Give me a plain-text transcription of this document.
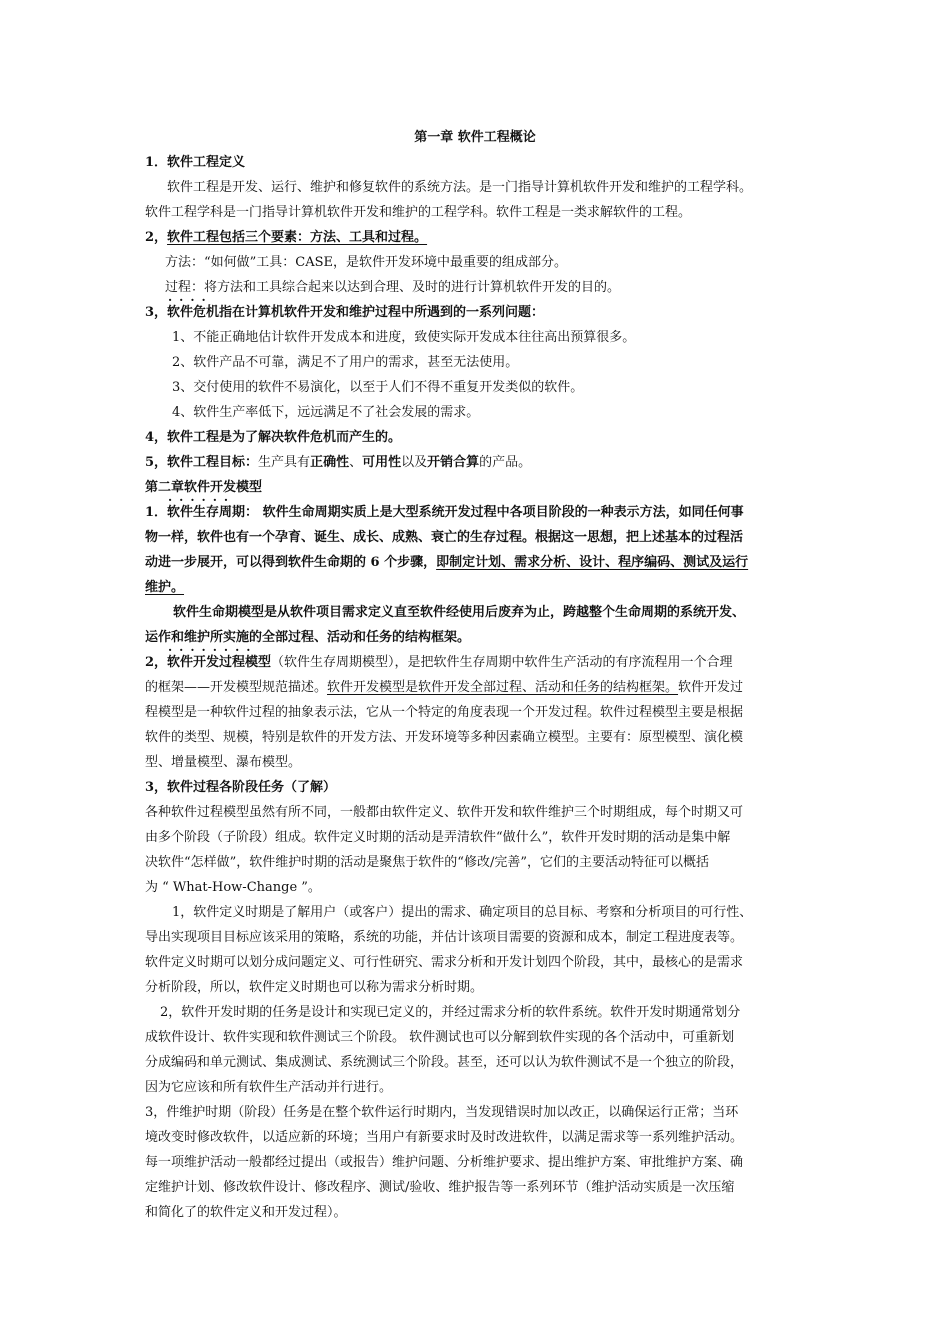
第一章 软件工程概论
1．软件工程定义
软件工程是开发、运行、维护和修复软件的系统方法。是一门指导计算机软件开发和维护的工程学科。
软件工程学科是一门指导计算机软件开发和维护的工程学科。软件工程是一类求解软件的工程。
2，软件工程包括三个要素：方法、工具和过程。
方法：“如何做”工具：CASE，是软件开发环境中最重要的组成部分。
过程：将方法和工具综合起来以达到合理、及时的进行计算机软件开发的目的。
····
3，软件危机指在计算机软件开发和维护过程中所遇到的一系列问题：
1、不能正确地估计软件开发成本和进度，致使实际开发成本往往高出预算很多。
2、软件产品不可靠，满足不了用户的需求，甚至无法使用。
3、交付使用的软件不易演化，以至于人们不得不重复开发类似的软件。
4、软件生产率低下，远远满足不了社会发展的需求。
4，软件工程是为了解决软件危机而产生的。
5，软件工程目标：生产具有正确性、可用性以及开销合算的产品。
第二章软件开发模型
······
1．软件生存周期： 软件生命周期实质上是大型系统开发过程中各项目阶段的一种表示方法，如同任何事
物一样，软件也有一个孕育、诞生、成长、成熟、衰亡的生存过程。根据这一思想，把上述基本的过程活
动进一步展开，可以得到软件生命期的 6 个步骤，即制定计划、需求分析、设计、程序编码、测试及运行
维护。
软件生命期模型是从软件项目需求定义直至软件经使用后废弃为止，跨越整个生命周期的系统开发、
运作和维护所实施的全部过程、活动和任务的结构框架。
········
2，软件开发过程模型（软件生存周期模型），是把软件生存周期中软件生产活动的有序流程用一个合理
的框架——开发模型规范描述。软件开发模型是软件开发全部过程、活动和任务的结构框架。软件开发过
程模型是一种软件过程的抽象表示法，它从一个特定的角度表现一个开发过程。软件过程模型主要是根据
软件的类型、规模，特别是软件的开发方法、开发环境等多种因素确立模型。主要有：原型模型、演化模
型、增量模型、瀑布模型。
3，软件过程各阶段任务（了解）
各种软件过程模型虽然有所不同，一般都由软件定义、软件开发和软件维护三个时期组成，每个时期又可
由多个阶段（子阶段）组成。软件定义时期的活动是弄清软件“做什么”，软件开发时期的活动是集中解
决软件“怎样做”，软件维护时期的活动是聚焦于软件的“修改/完善”，它们的主要活动特征可以概括
为 “ What-How-Change ”。
1，软件定义时期是了解用户（或客户）提出的需求、确定项目的总目标、考察和分析项目的可行性、
导出实现项目目标应该采用的策略，系统的功能，并估计该项目需要的资源和成本，制定工程进度表等。
软件定义时期可以划分成问题定义、可行性研究、需求分析和开发计划四个阶段，其中，最核心的是需求
分析阶段，所以，软件定义时期也可以称为需求分析时期。
2，软件开发时期的任务是设计和实现已定义的，并经过需求分析的软件系统。软件开发时期通常划分
成软件设计、软件实现和软件测试三个阶段。 软件测试也可以分解到软件实现的各个活动中，可重新划
分成编码和单元测试、集成测试、系统测试三个阶段。甚至，还可以认为软件测试不是一个独立的阶段，
因为它应该和所有软件生产活动并行进行。
3，件维护时期（阶段）任务是在整个软件运行时期内，当发现错误时加以改正，以确保运行正常；当环
境改变时修改软件，以适应新的环境；当用户有新要求时及时改进软件，以满足需求等一系列维护活动。
每一项维护活动一般都经过提出（或报告）维护问题、分析维护要求、提出维护方案、审批维护方案、确
定维护计划、修改软件设计、修改程序、测试/验收、维护报告等一系列环节（维护活动实质是一次压缩
和简化了的软件定义和开发过程）。
